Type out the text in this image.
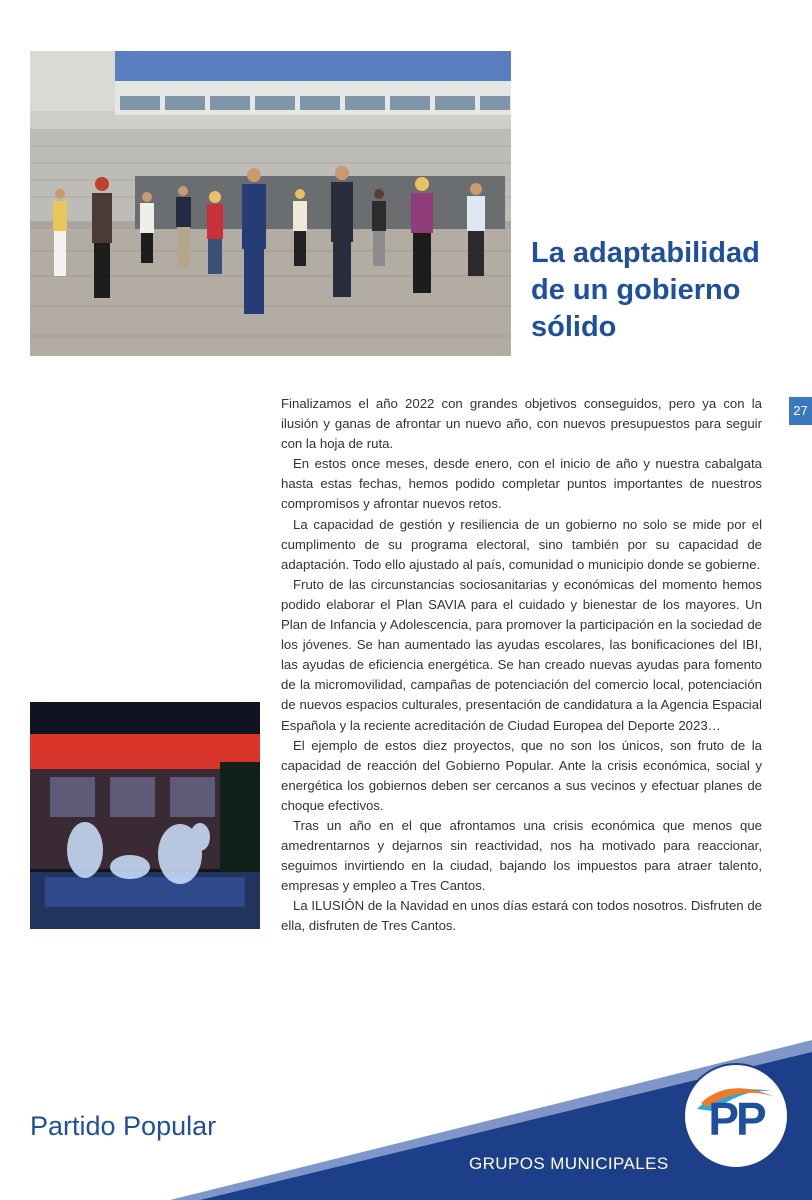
La adaptabilidad de un gobierno sólido
27

Finalizamos el año 2022 con grandes objetivos conseguidos, pero ya con la ilusión y ganas de afrontar un nuevo año, con nuevos presupuestos para seguir con la hoja de ruta.

En estos once meses, desde enero, con el inicio de año y nuestra cabalgata hasta estas fechas, hemos podido completar puntos importantes de nuestros compromisos y afrontar nuevos retos.

La capacidad de gestión y resiliencia de un gobierno no solo se mide por el cumplimento de su programa electoral, sino también por su capacidad de adaptación. Todo ello ajustado al país, comunidad o municipio donde se gobierne.

Fruto de las circunstancias sociosanitarias y económicas del momento hemos podido elaborar el Plan SAVIA para el cuidado y bienestar de los mayores. Un Plan de Infancia y Adolescencia, para promover la participación en la sociedad de los jóvenes. Se han aumentado las ayudas escolares, las bonificaciones del IBI, las ayudas de eficiencia energética. Se han creado nuevas ayudas para fomento de la micromovilidad, campañas de potenciación del comercio local, potenciación de nuevos espacios culturales, presentación de candidatura a la Agencia Espacial Española y la reciente acreditación de Ciudad Europea del Deporte 2023…

El ejemplo de estos diez proyectos, que no son los únicos, son fruto de la capacidad de reacción del Gobierno Popular. Ante la crisis económica, social y energética los gobiernos deben ser cercanos a sus vecinos y efectuar planes de choque efectivos.

Tras un año en el que afrontamos una crisis económica que menos que amedrentarnos y dejarnos sin reactividad, nos ha motivado para reaccionar, seguimos invirtiendo en la ciudad, bajando los impuestos para atraer talento, empresas y empleo a Tres Cantos.

La ILUSIÓN de la Navidad en unos días estará con todos nosotros. Disfruten de ella, disfruten de Tres Cantos.

Partido Popular
GRUPOS MUNICIPALES
PP
